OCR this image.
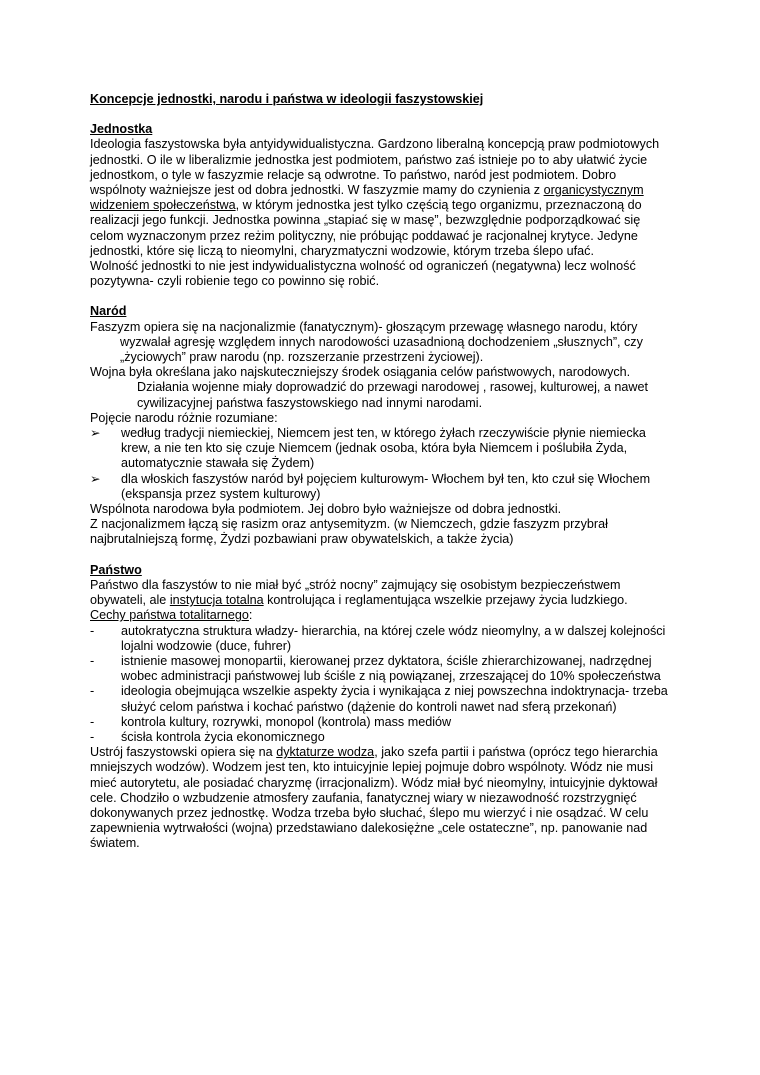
Koncepcje jednostki, narodu i państwa w ideologii faszystowskiej

Jednostka

Ideologia faszystowska była antyidywidualistyczna. Gardzono liberalną koncepcją praw podmiotowych jednostki. O ile w liberalizmie jednostka jest podmiotem, państwo zaś istnieje po to aby ułatwić życie jednostkom, o tyle w faszyzmie relacje są odwrotne. To państwo, naród jest podmiotem. Dobro wspólnoty ważniejsze jest od dobra jednostki. W faszyzmie mamy do czynienia z organicystycznym widzeniem społeczeństwa, w którym jednostka jest tylko częścią tego organizmu, przeznaczoną do realizacji jego funkcji. Jednostka powinna „stapiać się w masę”, bezwzględnie podporządkować się celom wyznaczonym przez reżim polityczny, nie próbując poddawać je racjonalnej krytyce. Jedyne jednostki, które się liczą to nieomylni, charyzmatyczni wodzowie, którym trzeba ślepo ufać.

Wolność jednostki to nie jest indywidualistyczna wolność od ograniczeń (negatywna) lecz wolność pozytywna- czyli robienie tego co powinno się robić.

Naród

Faszyzm opiera się na nacjonalizmie (fanatycznym)- głoszącym przewagę własnego narodu, który wyzwalał agresję względem innych narodowości uzasadnioną dochodzeniem „słusznych”, czy „życiowych” praw narodu (np. rozszerzanie przestrzeni życiowej).

Wojna była określana jako najskuteczniejszy środek osiągania celów państwowych, narodowych. Działania wojenne miały doprowadzić do przewagi narodowej , rasowej, kulturowej, a nawet cywilizacyjnej państwa faszystowskiego nad innymi narodami.

Pojęcie narodu różnie rozumiane:

➢ według tradycji niemieckiej, Niemcem jest ten, w którego żyłach rzeczywiście płynie niemiecka krew, a nie ten kto się czuje Niemcem (jednak osoba, która była Niemcem i poślubiła Żyda, automatycznie stawała się Żydem)
➢ dla włoskich faszystów naród był pojęciem kulturowym- Włochem był ten, kto czuł się Włochem (ekspansja przez system kulturowy)

Wspólnota narodowa była podmiotem. Jej dobro było ważniejsze od dobra jednostki.

Z nacjonalizmem łączą się rasizm oraz antysemityzm. (w Niemczech, gdzie faszyzm przybrał najbrutalniejszą formę, Żydzi pozbawiani praw obywatelskich, a także życia)

Państwo

Państwo dla faszystów to nie miał być „stróż nocny” zajmujący się osobistym bezpieczeństwem obywateli, ale instytucja totalna kontrolująca i reglamentująca wszelkie przejawy życia ludzkiego.

Cechy państwa totalitarnego:

-	autokratyczna struktura władzy- hierarchia, na której czele wódz nieomylny, a w dalszej kolejności lojalni wodzowie (duce, fuhrer)
-	istnienie masowej monopartii, kierowanej przez dyktatora, ściśle zhierarchizowanej, nadrzędnej wobec administracji państwowej lub ściśle z nią powiązanej, zrzeszającej do 10% społeczeństwa
-	ideologia obejmująca wszelkie aspekty życia i wynikająca z niej powszechna indoktrynacja- trzeba służyć celom państwa i kochać państwo (dążenie do kontroli nawet nad sferą przekonań)
-	kontrola kultury, rozrywki, monopol (kontrola) mass mediów
-	ścisła kontrola życia ekonomicznego

Ustrój faszystowski opiera się na dyktaturze wodza, jako szefa partii i państwa (oprócz tego hierarchia mniejszych wodzów). Wodzem jest ten, kto intuicyjnie lepiej pojmuje dobro wspólnoty. Wódz nie musi mieć autorytetu, ale posiadać charyzmę (irracjonalizm). Wódz miał być nieomylny, intuicyjnie dyktował cele. Chodziło o wzbudzenie atmosfery zaufania, fanatycznej wiary w niezawodność rozstrzygnięć dokonywanych przez jednostkę. Wodza trzeba było słuchać, ślepo mu wierzyć i nie osądzać. W celu zapewnienia wytrwałości (wojna) przedstawiano dalekosiężne „cele ostateczne”, np. panowanie nad światem.
